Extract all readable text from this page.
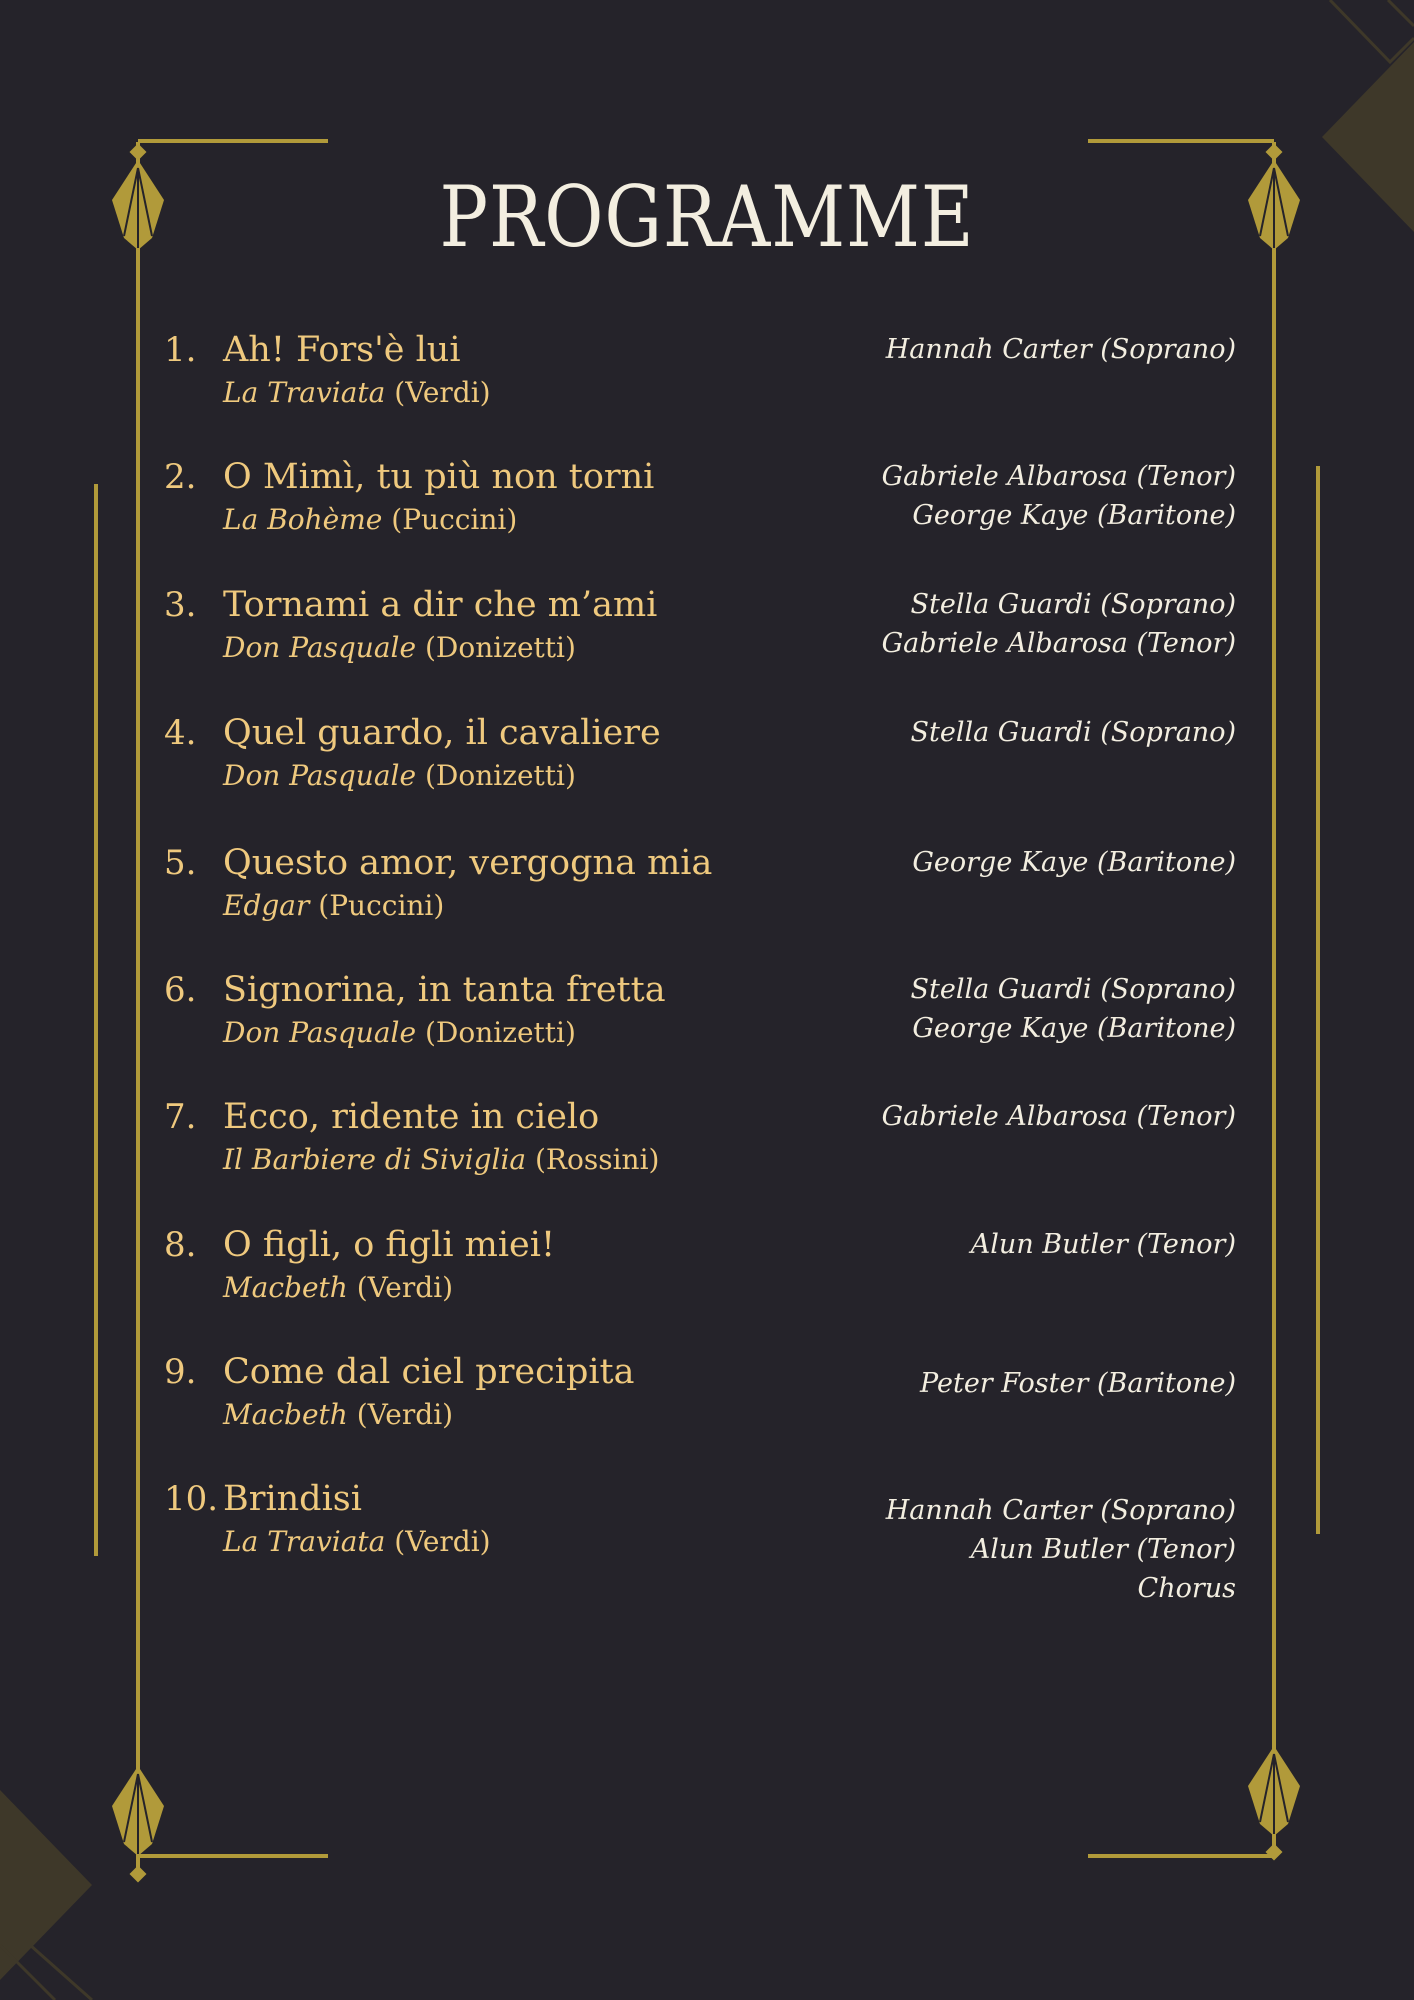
PROGRAMME
1. Ah! Fors'è lui
La Traviata (Verdi)
Hannah Carter (Soprano)
2. O Mimì, tu più non torni
La Bohème (Puccini)
Gabriele Albarosa (Tenor)
George Kaye (Baritone)
3. Tornami a dir che m’ami
Don Pasquale (Donizetti)
Stella Guardi (Soprano)
Gabriele Albarosa (Tenor)
4. Quel guardo, il cavaliere
Don Pasquale (Donizetti)
Stella Guardi (Soprano)
5. Questo amor, vergogna mia
Edgar (Puccini)
George Kaye (Baritone)
6. Signorina, in tanta fretta
Don Pasquale (Donizetti)
Stella Guardi (Soprano)
George Kaye (Baritone)
7. Ecco, ridente in cielo
Il Barbiere di Siviglia (Rossini)
Gabriele Albarosa (Tenor)
8. O figli, o figli miei!
Macbeth (Verdi)
Alun Butler (Tenor)
9. Come dal ciel precipita
Macbeth (Verdi)
Peter Foster (Baritone)
10. Brindisi
La Traviata (Verdi)
Hannah Carter (Soprano)
Alun Butler (Tenor)
Chorus
